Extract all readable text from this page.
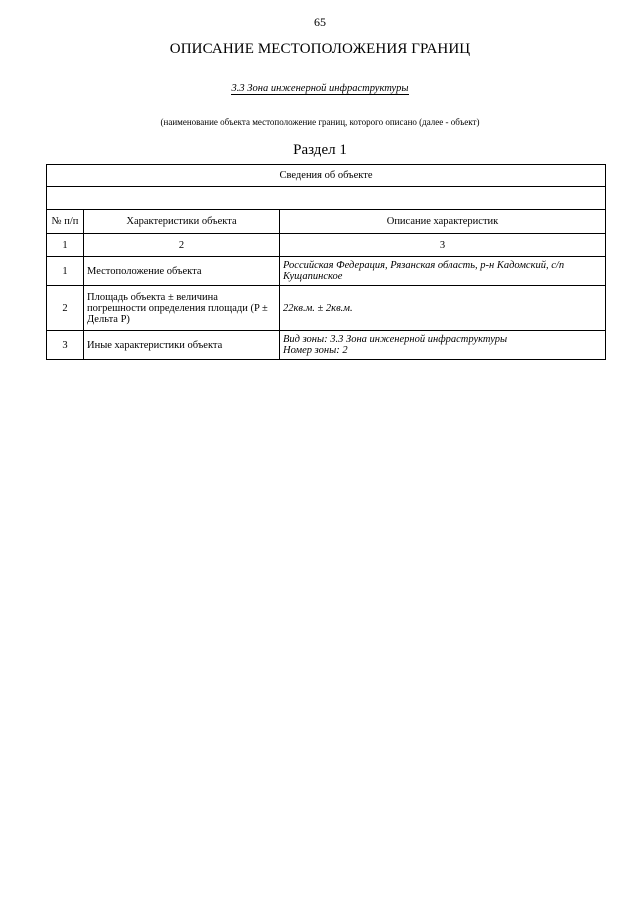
65
ОПИСАНИЕ МЕСТОПОЛОЖЕНИЯ ГРАНИЦ
3.3 Зона инженерной инфраструктуры
(наименование объекта местоположение границ, которого описано (далее - объект)
Раздел 1
Сведения об объекте		

№ п/п	Характеристики объекта	Описание характеристик
1	2	3
1	Местоположение объекта	Российская Федерация, Рязанская область, р-н Кадомский, с/п Кущапинское

2	Площадь объекта ± величина погрешности определения площади (P ± Дельта P)	22кв.м. ± 2кв.м.

3	Иные характеристики объекта	Вид зоны: 3.3 Зона инженерной инфраструктуры
Номер зоны: 2
